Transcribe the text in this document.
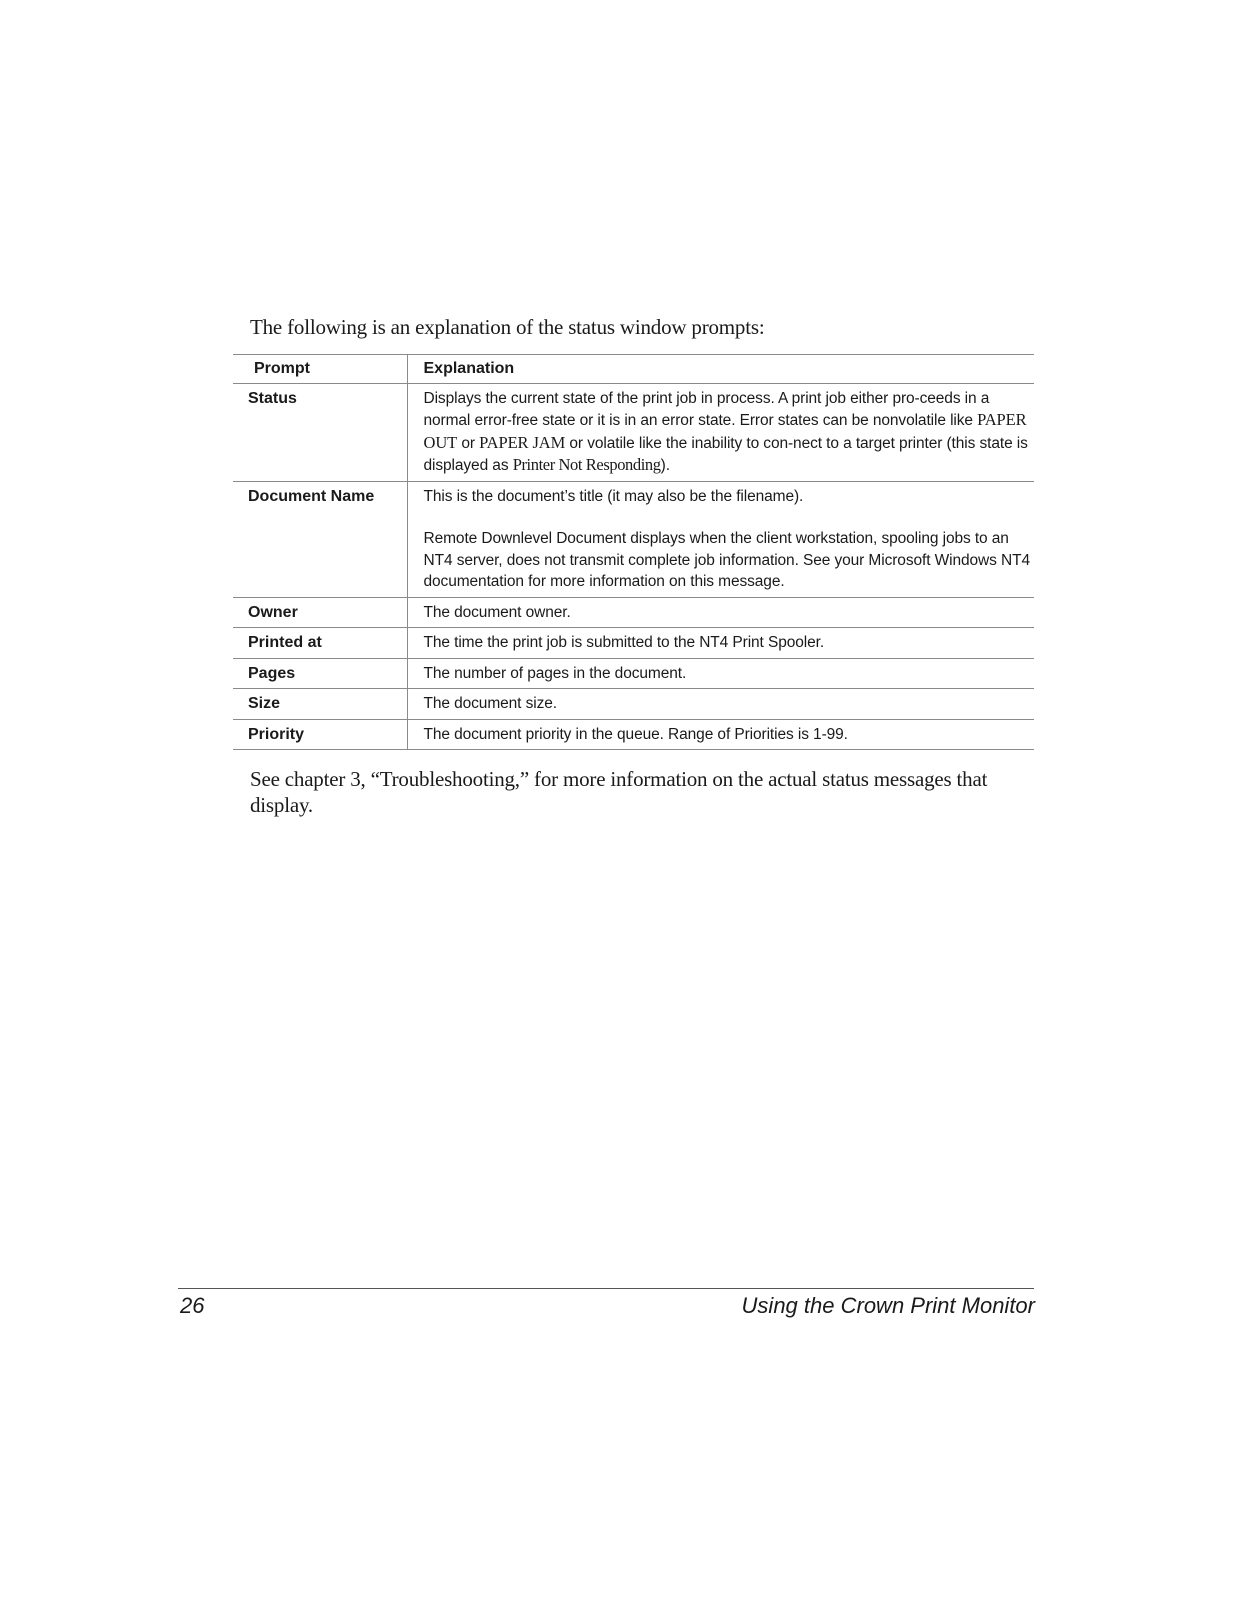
The following is an explanation of the status window prompts:

Prompt	Explanation
Status	Displays the current state of the print job in process. A print job either pro-ceeds in a normal error-free state or it is in an error state. Error states can be nonvolatile like PAPER OUT or PAPER JAM or volatile like the inability to con-nect to a target printer (this state is displayed as Printer Not Responding).
Document Name	This is the document’s title (it may also be the filename).

Remote Downlevel Document displays when the client workstation, spooling jobs to an NT4 server, does not transmit complete job information. See your Microsoft Windows NT4 documentation for more information on this message.

Owner	The document owner.
Printed at	The time the print job is submitted to the NT4 Print Spooler.
Pages	The number of pages in the document.
Size	The document size.
Priority	The document priority in the queue. Range of Priorities is 1-99.

See chapter 3, “Troubleshooting,” for more information on the actual status messages that display.

26	Using the Crown Print Monitor
